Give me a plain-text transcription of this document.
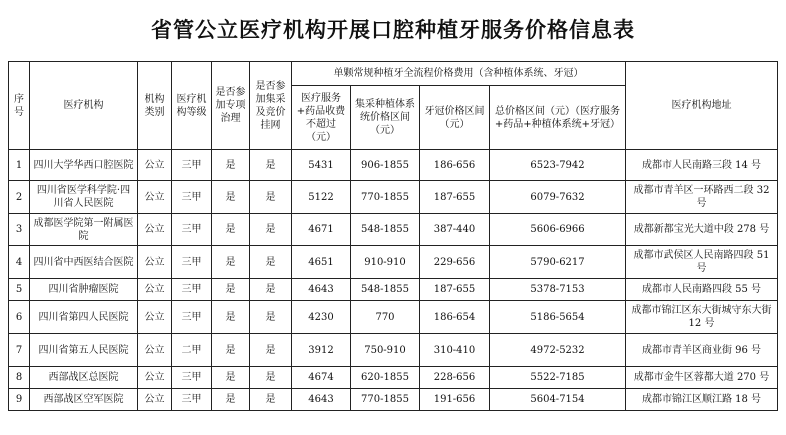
省管公立医疗机构开展口腔种植牙服务价格信息表
序号	医疗机构	机构类别	医疗机构等级	是否参加专项治理	是否参加集采及竞价挂网	单颗常规种植牙全流程价格费用（含种植体系统、牙冠）				医疗机构地址
						医疗服务+药品收费不超过（元）	集采种植体系统价格区间（元）	牙冠价格区间（元）	总价格区间（元）（医疗服务+药品+种植体系统+牙冠）	
1	四川大学华西口腔医院	公立	三甲	是	是	5431	906-1855	186-656	6523-7942	成都市人民南路三段 14 号
2	四川省医学科学院·四川省人民医院	公立	三甲	是	是	5122	770-1855	187-655	6079-7632	成都市青羊区一环路西二段 32 号
3	成都医学院第一附属医院	公立	三甲	是	是	4671	548-1855	387-440	5606-6966	成都新都宝光大道中段 278 号
4	四川省中西医结合医院	公立	三甲	是	是	4651	910-910	229-656	5790-6217	成都市武侯区人民南路四段 51 号
5	四川省肿瘤医院	公立	三甲	是	是	4643	548-1855	187-655	5378-7153	成都市人民南路四段 55 号
6	四川省第四人民医院	公立	三甲	是	是	4230	770	186-654	5186-5654	成都市锦江区东大街城守东大街 12 号
7	四川省第五人民医院	公立	二甲	是	是	3912	750-910	310-410	4972-5232	成都市青羊区商业街 96 号
8	西部战区总医院	公立	三甲	是	是	4674	620-1855	228-656	5522-7185	成都市金牛区蓉都大道 270 号
9	西部战区空军医院	公立	三甲	是	是	4643	770-1855	191-656	5604-7154	成都市锦江区顺江路 18 号
